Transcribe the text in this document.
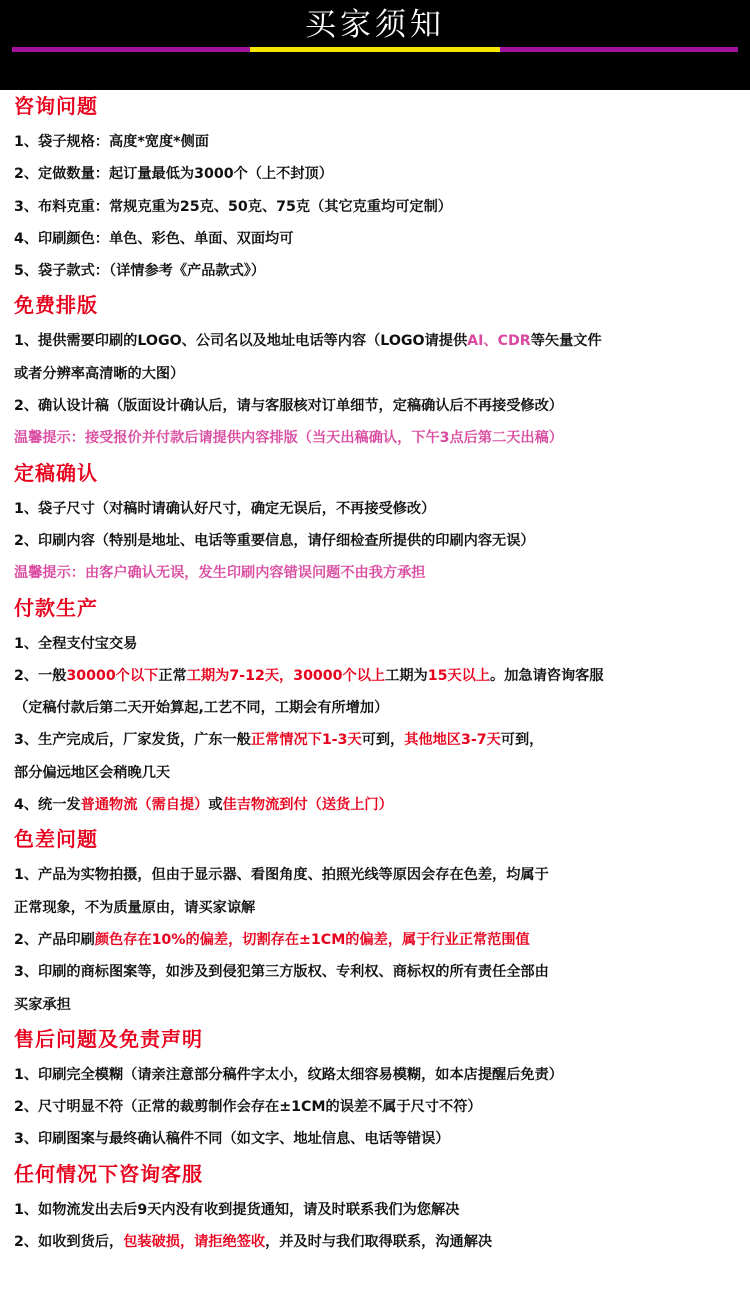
买家须知
咨询问题
1、袋子规格：高度*宽度*侧面
2、定做数量：起订量最低为3000个（上不封顶）
3、布料克重：常规克重为25克、50克、75克（其它克重均可定制）
4、印刷颜色：单色、彩色、单面、双面均可
5、袋子款式：（详情参考《产品款式》）
免费排版
1、提供需要印刷的LOGO、公司名以及地址电话等内容（LOGO请提供AI、CDR等矢量文件
或者分辨率高清晰的大图）
2、确认设计稿（版面设计确认后，请与客服核对订单细节，定稿确认后不再接受修改）
温馨提示：接受报价并付款后请提供内容排版（当天出稿确认，下午3点后第二天出稿）
定稿确认
1、袋子尺寸（对稿时请确认好尺寸，确定无误后，不再接受修改）
2、印刷内容（特别是地址、电话等重要信息，请仔细检查所提供的印刷内容无误）
温馨提示：由客户确认无误，发生印刷内容错误问题不由我方承担
付款生产
1、全程支付宝交易
2、一般30000个以下正常工期为7-12天，30000个以上工期为15天以上。加急请咨询客服
（定稿付款后第二天开始算起,工艺不同，工期会有所增加）
3、生产完成后，厂家发货，广东一般正常情况下1-3天可到，其他地区3-7天可到，
部分偏远地区会稍晚几天
4、统一发普通物流（需自提）或佳吉物流到付（送货上门）
色差问题
1、产品为实物拍摄，但由于显示器、看图角度、拍照光线等原因会存在色差，均属于
正常现象，不为质量原由，请买家谅解
2、产品印刷颜色存在10%的偏差，切割存在±1CM的偏差，属于行业正常范围值
3、印刷的商标图案等，如涉及到侵犯第三方版权、专利权、商标权的所有责任全部由
买家承担
售后问题及免责声明
1、印刷完全模糊（请亲注意部分稿件字太小，纹路太细容易模糊，如本店提醒后免责）
2、尺寸明显不符（正常的裁剪制作会存在±1CM的误差不属于尺寸不符）
3、印刷图案与最终确认稿件不同（如文字、地址信息、电话等错误）
任何情况下咨询客服
1、如物流发出去后9天内没有收到提货通知，请及时联系我们为您解决
2、如收到货后，包装破损，请拒绝签收，并及时与我们取得联系，沟通解决
